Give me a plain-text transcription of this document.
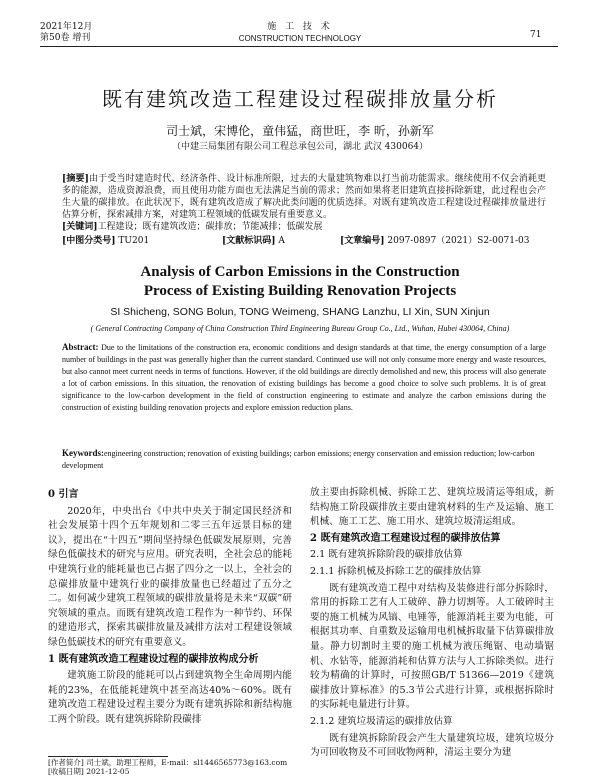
2021年12月
第50卷 增刊
施 工 技 术
CONSTRUCTION TECHNOLOGY	71
既有建筑改造工程建设过程碳排放量分析
司士斌，宋博伦，童伟猛，商世旺，李 昕，孙新军
（中建三局集团有限公司工程总承包公司，湖北 武汉 430064）
[摘要]由于受当时建造时代、经济条件、设计标准所限，过去的大量建筑物难以打当前功能需求。继续使用不仅会消耗更多的能源，造成资源浪费，而且使用功能方面也无法满足当前的需求；然而如果将老旧建筑直接拆除新建，此过程也会产生大量的碳排放。在此状况下，既有建筑改造成了解决此类问题的优质选择。对既有建筑改造工程建设过程碳排放量进行估算分析，探索减排方案，对建筑工程领域的低碳发展有重要意义。
[关键词]工程建设；既有建筑改造；碳排放；节能减排；低碳发展
[中图分类号] TU201	[文献标识码] A	[文章编号] 2097-0897（2021）S2-0071-03
Analysis of Carbon Emissions in the Construction
Process of Existing Building Renovation Projects
SI Shicheng, SONG Bolun, TONG Weimeng, SHANG Lanzhu, LI Xin, SUN Xinjun
( General Contracting Company of China Construction Third Engineering Bureau Group Co., Ltd., Wuhan, Hubei 430064, China)
Abstract: Due to the limitations of the construction era, economic conditions and design standards at that time, the energy consumption of a large number of buildings in the past was generally higher than the current standard. Continued use will not only consume more energy and waste resources, but also cannot meet current needs in terms of functions. However, if the old buildings are directly demolished and new, this process will also generate a lot of carbon emissions. In this situation, the renovation of existing buildings has become a good choice to solve such problems. It is of great significance to the low-carbon development in the field of construction engineering to estimate and analyze the carbon emissions during the construction of existing building renovation projects and explore emission reduction plans.
Keywords:engineering construction; renovation of existing buildings; carbon emissions; energy conservation and emission reduction; low-carbon development
0 引言

2020年，中央出台《中共中央关于制定国民经济和社会发展第十四个五年规划和二零三五年远景目标的建议》，提出在“十四五”期间坚持绿色低碳发展原则，完善绿色低碳技术的研究与应用。研究表明，全社会总的能耗中建筑行业的能耗量也已占据了四分之一以上，全社会的总碳排放量中建筑行业的碳排放量也已经超过了五分之二。如何减少建筑工程领域的碳排放量将是未来“双碳”研究领域的重点。而既有建筑改造工程作为一种节约、环保的建造形式，探索其碳排放量及减排方法对工程建设领域绿色低碳技术的研究有重要意义。

1 既有建筑改造工程建设过程的碳排放构成分析

建筑施工阶段的能耗可以占到建筑物全生命周期内能耗的23%，在低能耗建筑中甚至高达40%～60%。既有建筑改造工程建设过程主要分为既有建筑拆除和新结构施工两个阶段。既有建筑拆除阶段碳排

[作者简介] 司士斌，助理工程师，E-mail：sl1446565773@163.com
[收稿日期] 2021-12-05

放主要由拆除机械、拆除工艺、建筑垃圾清运等组成，新结构施工阶段碳排放主要由建筑材料的生产及运输、施工机械、施工工艺、施工用水、建筑垃圾清运组成。

2 既有建筑改造工程建设过程的碳排放估算
2.1 既有建筑拆除阶段的碳排放估算
2.1.1 拆除机械及拆除工艺的碳排放估算

既有建筑改造工程中对结构及装修进行部分拆除时，常用的拆除工艺有人工破碎、静力切割等。人工破碎时主要的施工机械为风镐、电锤等，能源消耗主要为电能，可根据其功率、自重数及运输用电机械拆取量下估算碳排放量。静力切割时主要的施工机械为液压绳锯、电动墙锯机、水钻等，能源消耗和估算方法与人工拆除类似。进行较为精确的计算时，可按照GB/T 51366—2019《建筑碳排放计算标准》的5.3节公式进行计算，或根据拆除时的实际耗电量进行计算。

2.1.2 建筑垃圾清运的碳排放估算

既有建筑拆除阶段会产生大量建筑垃圾，建筑垃圾分为可回收物及不可回收物两种，清运主要分为建
